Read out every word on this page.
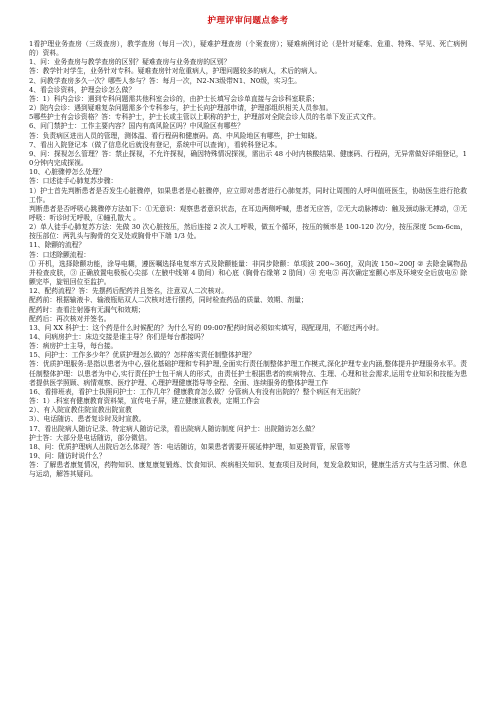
护理评审问题点参考

1看护理业务查房（三级查房），教学查房（每月一次），疑难护理查房（个案查房）；疑难病例讨论（是针对疑难、危重、特殊、罕见、死亡病例的）资料。

1、问：业务查房与教学查房的区别？疑难查房与业务查房的区别？

答：教学针对学生，业务针对专科。疑难查房针对危重病人，护理问题较多的病人，术后的病人。

2、问教学查房多久一次？哪些人参与？答：每月一次，N2-N3级带N1、N0级，实习生。

4、看会诊资料，护理会诊怎么做？

答：1）科内会诊：遇到专科问题需共他科室会诊的，由护士长填写会诊单直接与会诊科室联系；

2）院内会诊：遇到疑难复杂问题需多个专科参与，护士长向护理部申请，护理部组织相关人员参加。

5哪些护士有会诊资格？答：专科护士，护士长或主管以上职称的护士，护理部对全院会诊人员的名单下发正式文件。

6、问门禁护士：工作主要内容？国内有高风险区吗？中风险区有哪些？

答：负责病区进出人员的管理，测体温、看行程码和健康码。高、中风险地区有哪些，护士知晓。

7、看出入院登记本（做了信息化后就没有登记，系统中可以查询），看转科登记本。

9、问：探视怎么管理？答：禁止探视，不允许探视，确因特殊情况探视，需出示 48 小时内核酸结果、健康码、行程码，无异常做好详细登记，10分钟内完成探视。

10、心脏骤停怎么处理？

答：口述徒手心肺复苏步骤：

1）护士首先判断患者是否发生心脏骤停，如果患者是心脏骤停，应立即对患者进行心肺复苏，同时让周围的人呼叫值班医生，协助医生进行抢救工作。

判断患者是否呼吸心跳骤停方法如下：①无意识：观察患者意识状态，在耳边两侧呼喊，患者无应答，②无大动脉搏动：触及颈动脉无搏动，③无呼吸：听诊时无呼吸，④瞳孔散大 。

2）单人徒手心肺复苏方法：先做 30 次心脏按压，然后连接 2 次人工呼吸，做五个循环，按压的频率是 100-120 次/分，按压深度 5cm-6cm，按压部位：两乳头与胸骨的交叉处或胸骨中下端 1/3 处。

11、除颤的流程？

答：口述除颤流程：

① 开机，选择除颤功能，涂导电糊，遵医嘱选择电复率方式及除颤能量：非同步除颤：单项波 200~360J，双向波 150~200J ② 去除金属物品并检查皮肤，③ 正确放置电极板心尖部（左腋中线第 4 肋间）和心底（胸骨右缘第 2 肋间）④ 充电⑤ 再次确定室颤心率及环境安全后放电⑥ 除颤完毕，旋钮回位至监护。

12、配药流程？答：先摆药后配药并且签名，注意双人二次核对。

配药前：根据输液卡、输液瓶贴双人二次核对进行摆药，同时检查药品的质量、效期、剂量；

配药时：查看注射器有无漏气和效期；

配药后：再次核对并签名。

13、问 XX 科护士：这个药是什么时候配的？为什么写的 09:00?配药时间必须如实填写，现配现用，不超过两小时。

14、问病房护士：床边交接是谁主导？你们是每台都接吗？

答：病房护士主导，每台接。

15、问护士：工作多少年？优质护理怎么做的？怎样落实责任制整体护理？

答：优质护理服务:是指以患者为中心,强化基础护理和专科护理,全面实行责任制整体护理工作模式,深化护理专业内涵,整体提升护理服务水平。责任制整体护理：以患者为中心,实行责任护士包干病人的形式，由责任护士根据患者的疾病特点、生理、心理和社会需求,运用专业知识和技能为患者提供医学照顾、病情观察、医疗护理、心理护理健康指导等全程、全面、连续服务的整体护理工作

16、看排班表，看护士执照问护士：工作几年？健康教育怎么做？分管病人有没有出院的？整个病区有无出院？

答：1）.科室有健康教育资料架，宣传电子屏，建立健康宣教表，定期工作会

2）、有入院宣教住院宣教出院宣教

3）、电话随访、患者复诊时及时宣教。

17、看出院病人随访记录、特定病人随访记录，看出院病人随访制度 问护士：出院随访怎么做？

护士答：大部分是电话随访，部分微信。

18、问：优质护理病人出院后怎么体现？答：电话随访，如果患者需要开展延伸护理，如更换胃管，尿管等

19、问：随访时说什么？

答：了解患者康复情况，药物知识、康复康复锻炼、饮食知识、疾病相关知识、复查项目及时间，复发急救知识，健康生活方式与生活习惯、休息与运动，解答其疑问。
